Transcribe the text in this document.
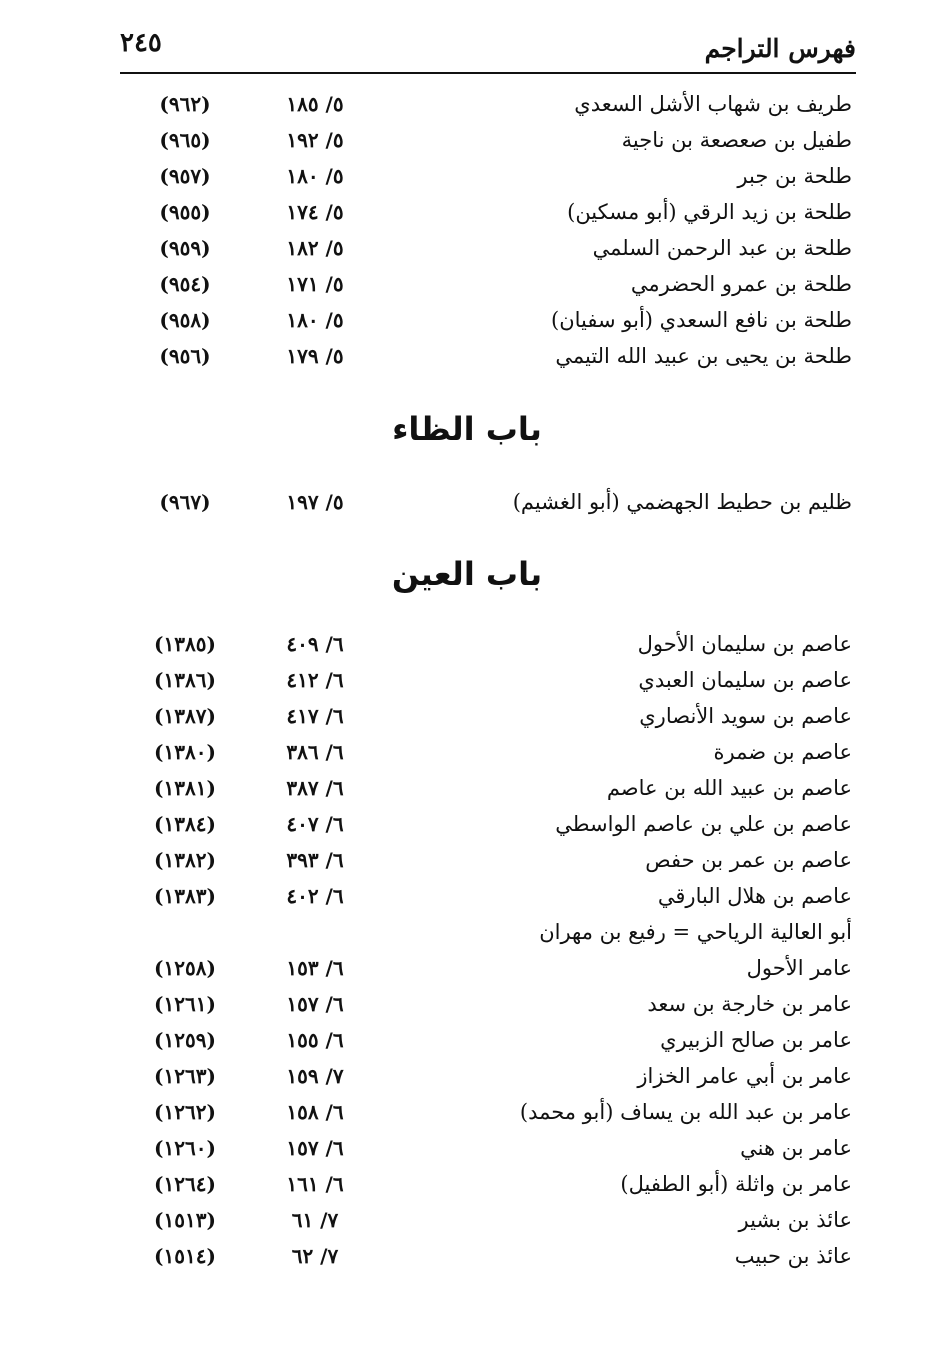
٢٤٥	فهرس التراجم
طريف بن شهاب الأشل السعدي
٥/ ١٨٥
(٩٦٢)
طفيل بن صعصعة بن ناجية
٥/ ١٩٢
(٩٦٥)
طلحة بن جبر
٥/ ١٨٠
(٩٥٧)
طلحة بن زيد الرقي (أبو مسكين)
٥/ ١٧٤
(٩٥٥)
طلحة بن عبد الرحمن السلمي
٥/ ١٨٢
(٩٥٩)
طلحة بن عمرو الحضرمي
٥/ ١٧١
(٩٥٤)
طلحة بن نافع السعدي (أبو سفيان)
٥/ ١٨٠
(٩٥٨)
طلحة بن يحيى بن عبيد الله التيمي
٥/ ١٧٩
(٩٥٦)
باب الظاء
ظليم بن حطيط الجهضمي (أبو الغشيم)
٥/ ١٩٧
(٩٦٧)
باب العين
عاصم بن سليمان الأحول
٦/ ٤٠٩
(١٣٨٥)
عاصم بن سليمان العبدي
٦/ ٤١٢
(١٣٨٦)
عاصم بن سويد الأنصاري
٦/ ٤١٧
(١٣٨٧)
عاصم بن ضمرة
٦/ ٣٨٦
(١٣٨٠)
عاصم بن عبيد الله بن عاصم
٦/ ٣٨٧
(١٣٨١)
عاصم بن علي بن عاصم الواسطي
٦/ ٤٠٧
(١٣٨٤)
عاصم بن عمر بن حفص
٦/ ٣٩٣
(١٣٨٢)
عاصم بن هلال البارقي
٦/ ٤٠٢
(١٣٨٣)
أبو العالية الرياحي = رفيع بن مهران
عامر الأحول
٦/ ١٥٣
(١٢٥٨)
عامر بن خارجة بن سعد
٦/ ١٥٧
(١٢٦١)
عامر بن صالح الزبيري
٦/ ١٥٥
(١٢٥٩)
عامر بن أبي عامر الخزاز
٧/ ١٥٩
(١٢٦٣)
عامر بن عبد الله بن يساف (أبو محمد)
٦/ ١٥٨
(١٢٦٢)
عامر بن هني
٦/ ١٥٧
(١٢٦٠)
عامر بن واثلة (أبو الطفيل)
٦/ ١٦١
(١٢٦٤)
عائذ بن بشير
٧/ ٦١
(١٥١٣)
عائذ بن حبيب
٧/ ٦٢
(١٥١٤)
